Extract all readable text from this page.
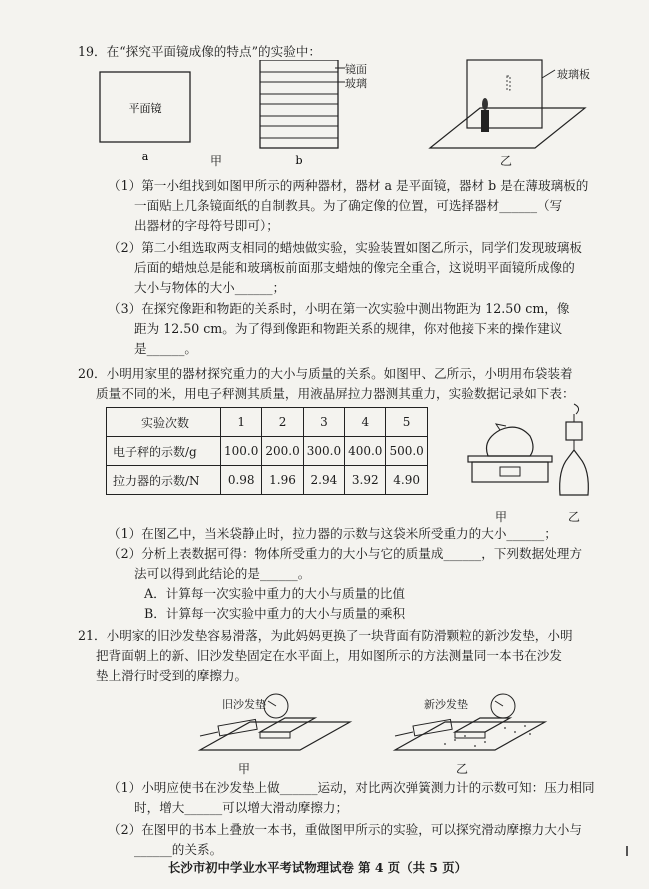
19．在“探究平面镜成像的特点”的实验中：
平面镜
a	b
镜面
玻璃
甲
玻璃板
乙
（1）第一小组找到如图甲所示的两种器材，器材 a 是平面镜，器材 b 是在薄玻璃板的
一面贴上几条镜面纸的自制教具。为了确定像的位置，可选择器材______（写
出器材的字母符号即可）；
（2）第二小组选取两支相同的蜡烛做实验，实验装置如图乙所示，同学们发现玻璃板
后面的蜡烛总是能和玻璃板前面那支蜡烛的像完全重合，这说明平面镜所成像的
大小与物体的大小______；
（3）在探究像距和物距的关系时，小明在第一次实验中测出物距为 12.50 cm，像
距为 12.50 cm。为了得到像距和物距关系的规律，你对他接下来的操作建议
是______。
20．小明用家里的器材探究重力的大小与质量的关系。如图甲、乙所示，小明用布袋装着
质量不同的米，用电子秤测其质量，用液晶屏拉力器测其重力，实验数据记录如下表：
实验次数	1	2	3	4	5
电子秤的示数/g	100.0	200.0	300.0	400.0	500.0
拉力器的示数/N	0.98	1.96	2.94	3.92	4.90
甲	乙
（1）在图乙中，当米袋静止时，拉力器的示数与这袋米所受重力的大小______；
（2）分析上表数据可得：物体所受重力的大小与它的质量成______，下列数据处理方
法可以得到此结论的是______。
A．计算每一次实验中重力的大小与质量的比值
B．计算每一次实验中重力的大小与质量的乘积
21．小明家的旧沙发垫容易滑落，为此妈妈更换了一块背面有防滑颗粒的新沙发垫，小明
把背面朝上的新、旧沙发垫固定在水平面上，用如图所示的方法测量同一本书在沙发
垫上滑行时受到的摩擦力。
旧沙发垫
甲
新沙发垫
乙
（1）小明应使书在沙发垫上做______运动，对比两次弹簧测力计的示数可知：压力相同
时，增大______可以增大滑动摩擦力；
（2）在图甲的书本上叠放一本书，重做图甲所示的实验，可以探究滑动摩擦力大小与
______的关系。
长沙市初中学业水平考试物理试卷 第 4 页（共 5 页）
